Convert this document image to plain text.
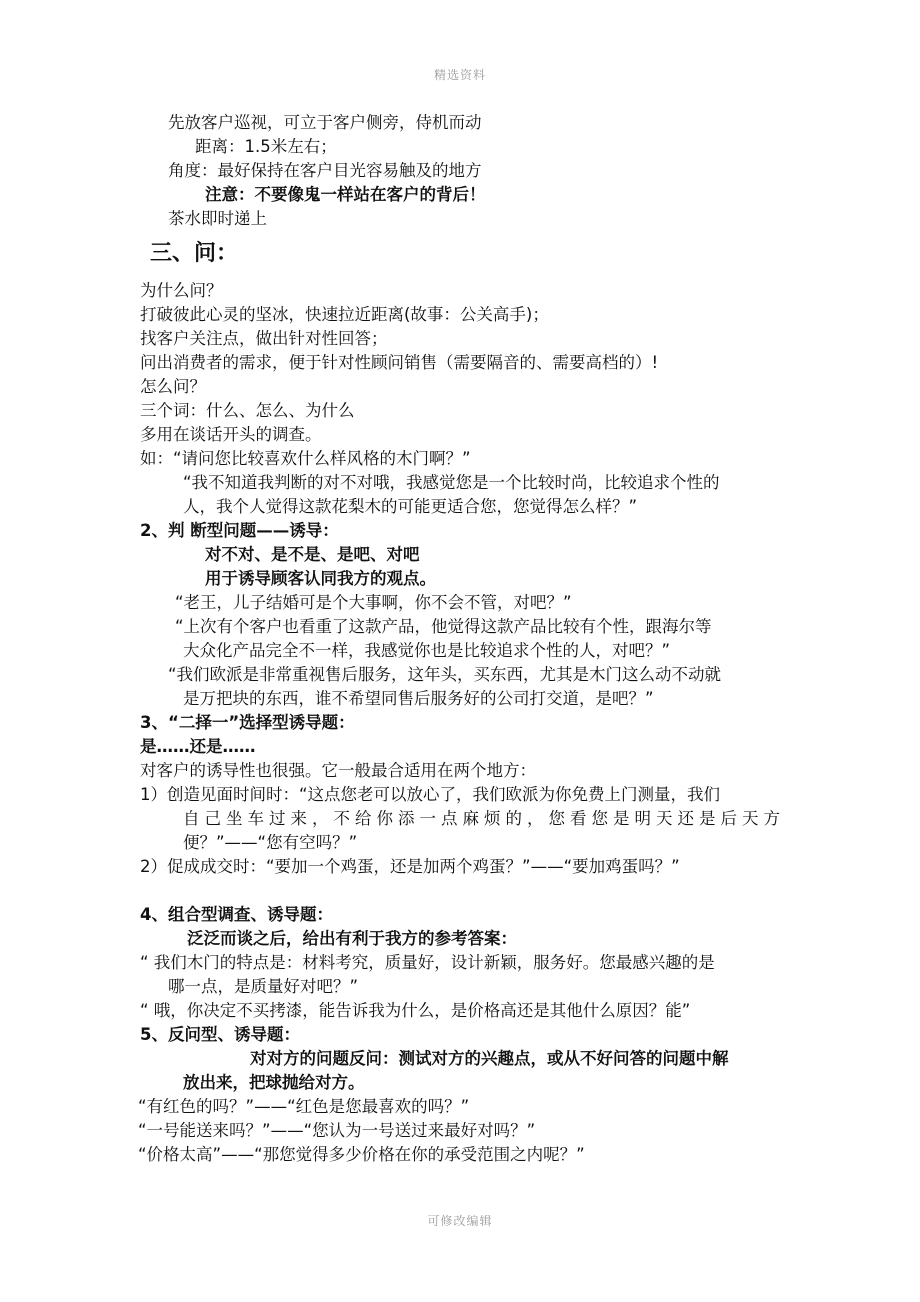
精选资料
先放客户巡视，可立于客户侧旁，侍机而动
距离：1.5米左右；
角度：最好保持在客户目光容易触及的地方
注意：不要像鬼一样站在客户的背后！
茶水即时递上
三、问：
为什么问？
打破彼此心灵的坚冰，快速拉近距离(故事：公关高手)；
找客户关注点，做出针对性回答；
问出消费者的需求，便于针对性顾问销售（需要隔音的、需要高档的）!
怎么问？
三个词：什么、怎么、为什么
多用在谈话开头的调查。
如：“请问您比较喜欢什么样风格的木门啊？”
“我不知道我判断的对不对哦，我感觉您是一个比较时尚，比较追求个性的
人，我个人觉得这款花梨木的可能更适合您，您觉得怎么样？”
2、判 断型问题——诱导：
对不对、是不是、是吧、对吧
用于诱导顾客认同我方的观点。
“老王，儿子结婚可是个大事啊，你不会不管，对吧？”
“上次有个客户也看重了这款产品，他觉得这款产品比较有个性，跟海尔等
大众化产品完全不一样，我感觉你也是比较追求个性的人，对吧？”
“我们欧派是非常重视售后服务，这年头，买东西，尤其是木门这么动不动就
是万把块的东西，谁不希望同售后服务好的公司打交道，是吧？”
3、“二择一”选择型诱导题：
是……还是……
对客户的诱导性也很强。它一般最合适用在两个地方：
1）创造见面时间时：“这点您老可以放心了，我们欧派为你免费上门测量，我们
自己坐车过来，不给你添一点麻烦的，您看您是明天还是后天方
便？”——“您有空吗？”
2）促成成交时：“要加一个鸡蛋，还是加两个鸡蛋？”——“要加鸡蛋吗？”
4、组合型调查、诱导题：
泛泛而谈之后，给出有利于我方的参考答案：
“ 我们木门的特点是：材料考究，质量好，设计新颖，服务好。您最感兴趣的是
哪一点，是质量好对吧？”
“ 哦，你决定不买拷漆，能告诉我为什么，是价格高还是其他什么原因？能”
5、反问型、诱导题：
对对方的问题反问：测试对方的兴趣点，或从不好问答的问题中解
放出来，把球抛给对方。
“有红色的吗？”——“红色是您最喜欢的吗？”
“一号能送来吗？”——“您认为一号送过来最好对吗？”
“价格太高”——“那您觉得多少价格在你的承受范围之内呢？”
可修改编辑
